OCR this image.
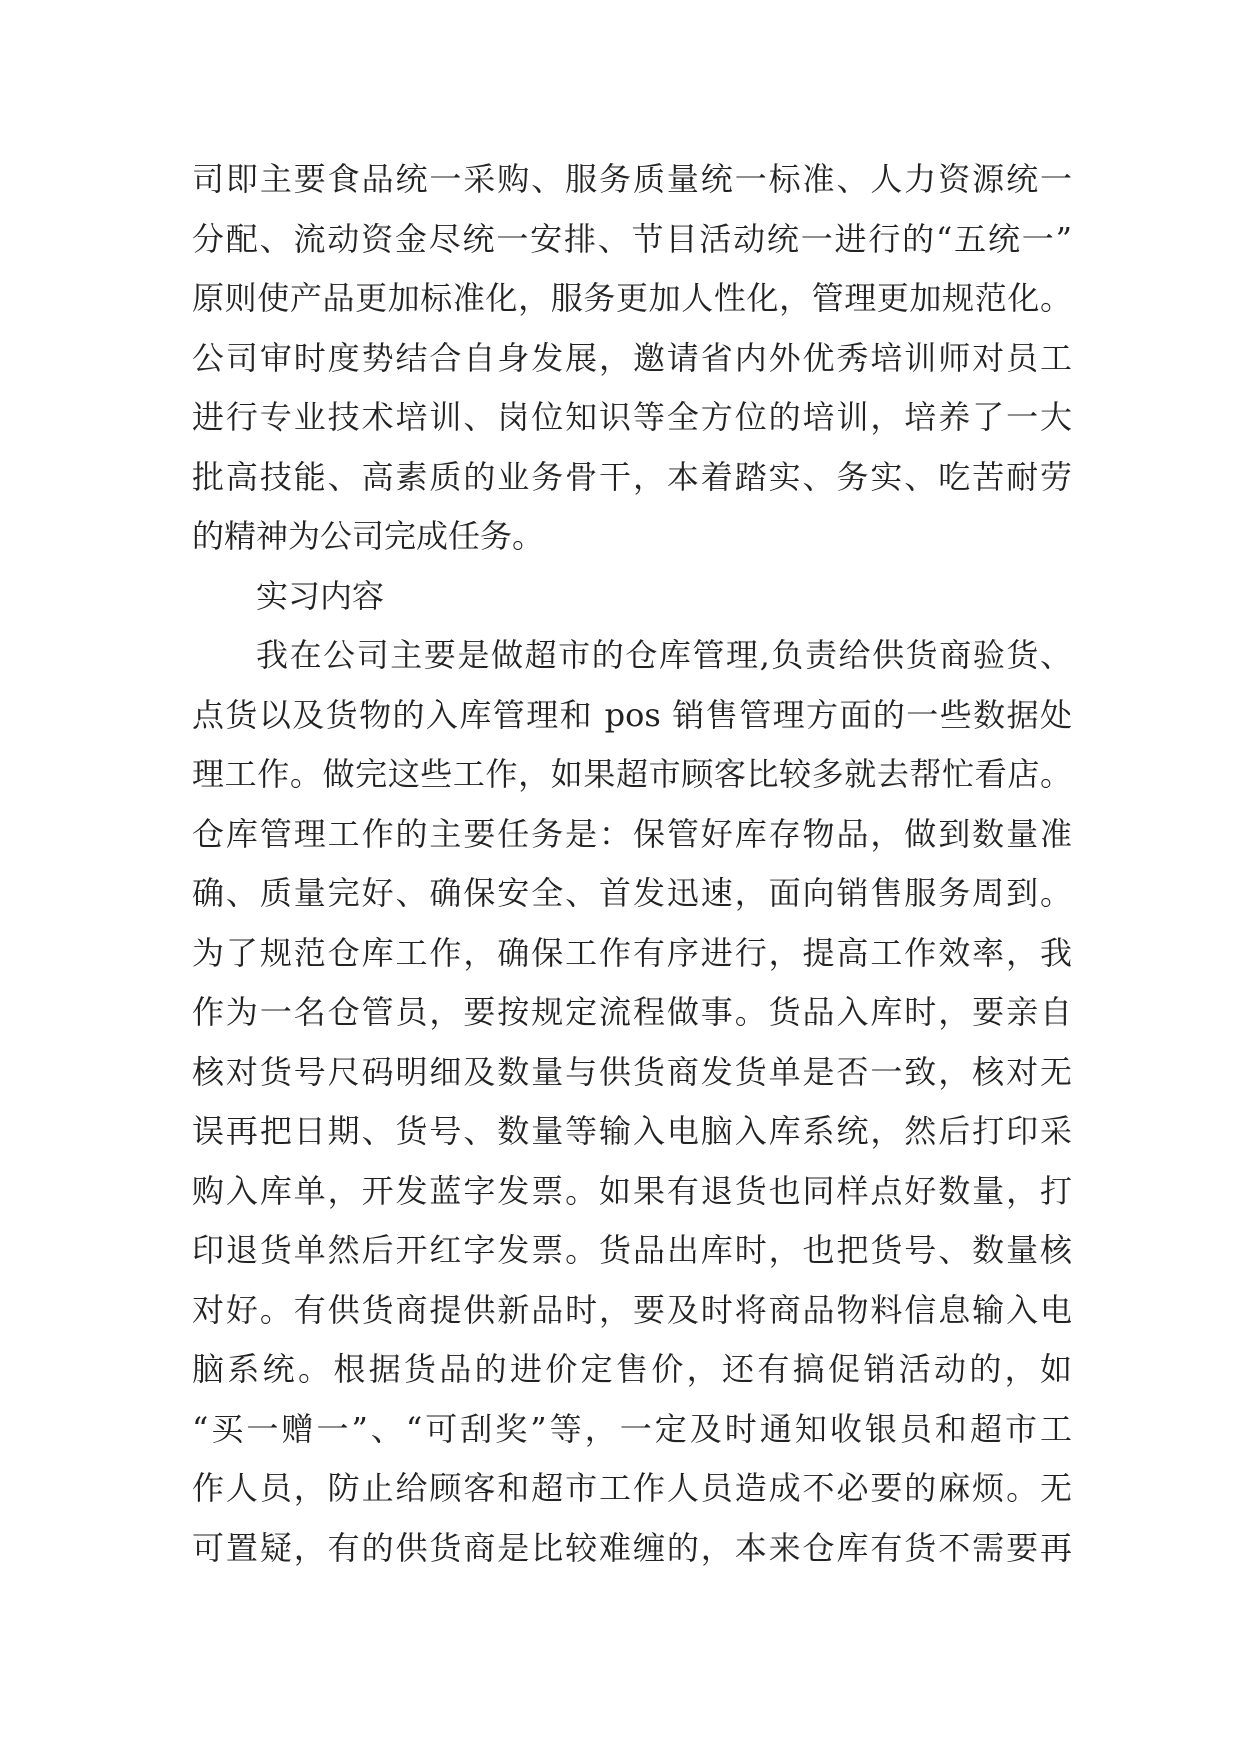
司即主要食品统一采购、服务质量统一标准、人力资源统一
分配、流动资金尽统一安排、节目活动统一进行的“五统一”
原则使产品更加标准化，服务更加人性化，管理更加规范化。
公司审时度势结合自身发展，邀请省内外优秀培训师对员工
进行专业技术培训、岗位知识等全方位的培训，培养了一大
批高技能、高素质的业务骨干，本着踏实、务实、吃苦耐劳
的精神为公司完成任务。
实习内容
我在公司主要是做超市的仓库管理,负责给供货商验货、
点货以及货物的入库管理和 pos 销售管理方面的一些数据处
理工作。做完这些工作，如果超市顾客比较多就去帮忙看店。
仓库管理工作的主要任务是：保管好库存物品，做到数量准
确、质量完好、确保安全、首发迅速，面向销售服务周到。
为了规范仓库工作，确保工作有序进行，提高工作效率，我
作为一名仓管员，要按规定流程做事。货品入库时，要亲自
核对货号尺码明细及数量与供货商发货单是否一致，核对无
误再把日期、货号、数量等输入电脑入库系统，然后打印采
购入库单，开发蓝字发票。如果有退货也同样点好数量，打
印退货单然后开红字发票。货品出库时，也把货号、数量核
对好。有供货商提供新品时，要及时将商品物料信息输入电
脑系统。根据货品的进价定售价，还有搞促销活动的，如
“买一赠一”、“可刮奖”等，一定及时通知收银员和超市工
作人员，防止给顾客和超市工作人员造成不必要的麻烦。无
可置疑，有的供货商是比较难缠的，本来仓库有货不需要再
